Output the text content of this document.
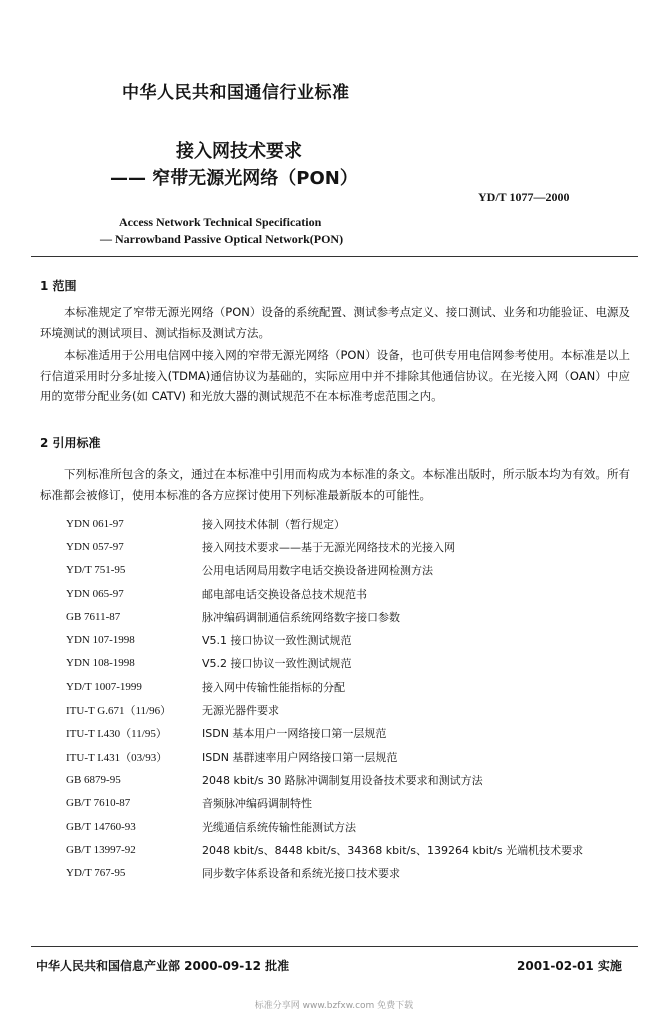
中华人民共和国通信行业标准
接入网技术要求
—— 窄带无源光网络（PON）
YD/T 1077—2000
Access Network Technical Specification
— Narrowband Passive Optical Network(PON)
1 范围
本标准规定了窄带无源光网络（PON）设备的系统配置、测试参考点定义、接口测试、业务和功能验证、电源及环境测试的测试项目、测试指标及测试方法。
本标准适用于公用电信网中接入网的窄带无源光网络（PON）设备，也可供专用电信网参考使用。本标准是以上行信道采用时分多址接入(TDMA)通信协议为基础的，实际应用中并不排除其他通信协议。在光接入网（OAN）中应用的宽带分配业务(如 CATV) 和光放大器的测试规范不在本标准考虑范围之内。
2 引用标准
下列标准所包含的条文，通过在本标准中引用而构成为本标准的条文。本标准出版时，所示版本均为有效。所有标准都会被修订，使用本标准的各方应探讨使用下列标准最新版本的可能性。
YDN 061-97	接入网技术体制（暂行规定）
YDN 057-97	接入网技术要求——基于无源光网络技术的光接入网
YD/T 751-95	公用电话网局用数字电话交换设备进网检测方法
YDN 065-97	邮电部电话交换设备总技术规范书
GB 7611-87	脉冲编码调制通信系统网络数字接口参数
YDN 107-1998	V5.1 接口协议一致性测试规范
YDN 108-1998	V5.2 接口协议一致性测试规范
YD/T 1007-1999	接入网中传输性能指标的分配
ITU-T G.671（11/96）	无源光器件要求
ITU-T I.430（11/95）	ISDN 基本用户一网络接口第一层规范
ITU-T I.431（03/93）	ISDN 基群速率用户网络接口第一层规范
GB 6879-95	2048 kbit/s 30 路脉冲调制复用设备技术要求和测试方法
GB/T 7610-87	音频脉冲编码调制特性
GB/T 14760-93	光缆通信系统传输性能测试方法
GB/T 13997-92	2048 kbit/s、8448 kbit/s、34368 kbit/s、139264 kbit/s 光端机技术要求
YD/T 767-95	同步数字体系设备和系统光接口技术要求
中华人民共和国信息产业部 2000-09-12 批准	2001-02-01 实施
标准分享网 www.bzfxw.com 免费下载
